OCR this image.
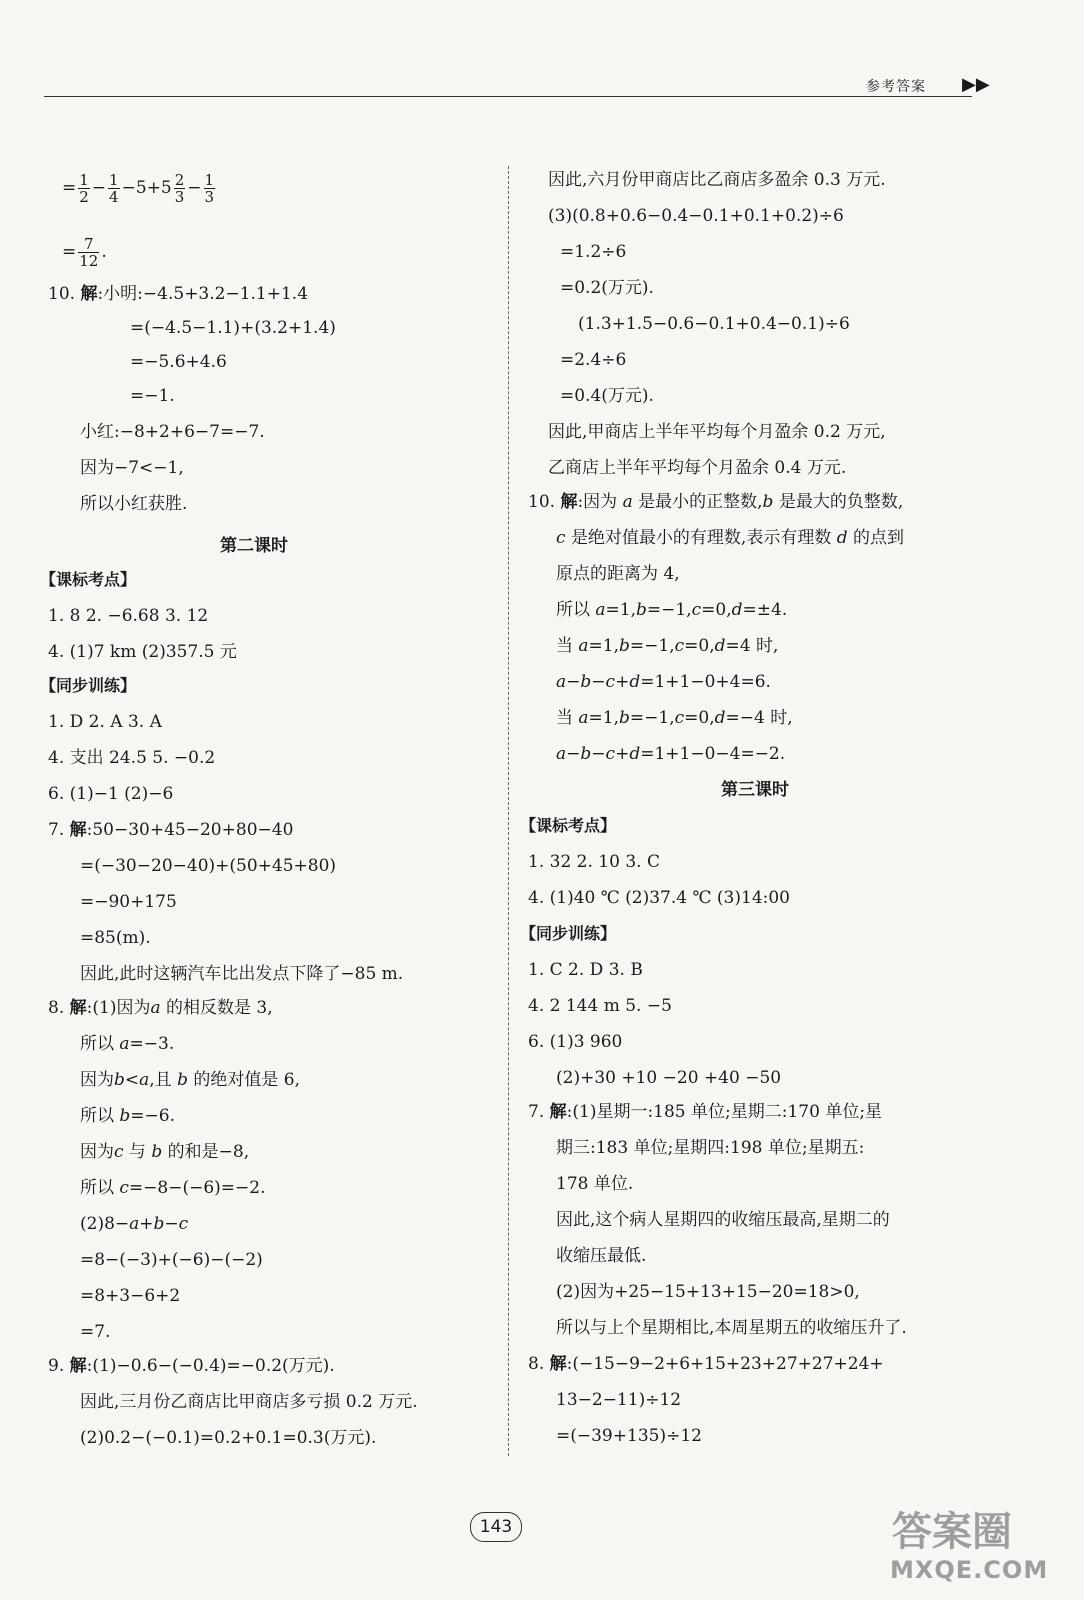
参考答案 ▶▶
= $\frac{1}{2} - \frac{1}{4} -5+5 \frac{2}{3} - \frac{1}{3}$
= $\frac{7}{12}$ .
10. 解:小明:−4.5+3.2−1.1+1.4
=(−4.5−1.1)+(3.2+1.4)
=−5.6+4.6
=−1.
小红:−8+2+6−7=−7.
因为−7<−1,
所以小红获胜.
第二课时
【课标考点】
1. 8 2. −6.68 3. 12
4. (1)7 km (2)357.5 元
【同步训练】
1. D 2. A 3. A
4. 支出 24.5 5. −0.2
6. (1)−1 (2)−6
7. 解:50−30+45−20+80−40
=(−30−20−40)+(50+45+80)
=−90+175
=85(m).
因此,此时这辆汽车比出发点下降了−85 m.
8. 解:(1)因为a 的相反数是 3,
所以 a=−3.
因为b<a,且 b 的绝对值是 6,
所以 b=−6.
因为c 与 b 的和是−8,
所以 c=−8−(−6)=−2.
(2)8−a+b−c
=8−(−3)+(−6)−(−2)
=8+3−6+2
=7.
9. 解:(1)−0.6−(−0.4)=−0.2(万元).
因此,三月份乙商店比甲商店多亏损 0.2 万元.
(2)0.2−(−0.1)=0.2+0.1=0.3(万元).
因此,六月份甲商店比乙商店多盈余 0.3 万元.
(3)(0.8+0.6−0.4−0.1+0.1+0.2)÷6
=1.2÷6
=0.2(万元).
(1.3+1.5−0.6−0.1+0.4−0.1)÷6
=2.4÷6
=0.4(万元).
因此,甲商店上半年平均每个月盈余 0.2 万元,
乙商店上半年平均每个月盈余 0.4 万元.
10. 解:因为 a 是最小的正整数,b 是最大的负整数,
c 是绝对值最小的有理数,表示有理数 d 的点到
原点的距离为 4,
所以 a=1,b=−1,c=0,d=±4.
当 a=1,b=−1,c=0,d=4 时,
a−b−c+d=1+1−0+4=6.
当 a=1,b=−1,c=0,d=−4 时,
a−b−c+d=1+1−0−4=−2.
第三课时
【课标考点】
1. 32 2. 10 3. C
4. (1)40 ℃ (2)37.4 ℃ (3)14:00
【同步训练】
1. C 2. D 3. B
4. 2 144 m 5. −5
6. (1)3 960
(2)+30 +10 −20 +40 −50
7. 解:(1)星期一:185 单位;星期二:170 单位;星
期三:183 单位;星期四:198 单位;星期五:
178 单位.
因此,这个病人星期四的收缩压最高,星期二的
收缩压最低.
(2)因为+25−15+13+15−20=18>0,
所以与上个星期相比,本周星期五的收缩压升了.
8. 解:(−15−9−2+6+15+23+27+27+24+
13−2−11)÷12
=(−39+135)÷12
143	答案圈
MXQE.COM
